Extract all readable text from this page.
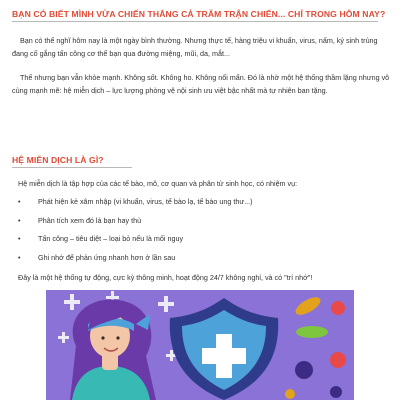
BẠN CÓ BIẾT MÌNH VỪA CHIẾN THẮNG CẢ TRĂM TRẬN CHIẾN... CHỈ TRONG HÔM NAY?

Bạn có thể nghĩ hôm nay là một ngày bình thường. Nhưng thực tế, hàng triệu vi khuẩn, virus, nấm, ký sinh trùng đang cố gắng tấn công cơ thể bạn qua đường miệng, mũi, da, mắt...

Thế nhưng bạn vẫn khỏe mạnh. Không sốt. Không ho. Không nổi mẩn. Đó là nhờ một hệ thống thầm lặng nhưng vô cùng mạnh mẽ: hệ miễn dịch – lực lượng phòng vệ nội sinh ưu việt bậc nhất mà tự nhiên ban tặng.

HỆ MIỄN DỊCH LÀ GÌ?

Hệ miễn dịch là tập hợp của các tế bào, mô, cơ quan và phân tử sinh học, có nhiệm vụ:

• Phát hiện kẻ xâm nhập (vi khuẩn, virus, tế bào lạ, tế bào ung thư...)
• Phân tích xem đó là bạn hay thù
• Tấn công – tiêu diệt – loại bỏ nếu là mối nguy
• Ghi nhớ để phản ứng nhanh hơn ở lần sau

Đây là một hệ thống tự động, cực kỳ thông minh, hoạt động 24/7 không nghỉ, và có "trí nhớ"!
